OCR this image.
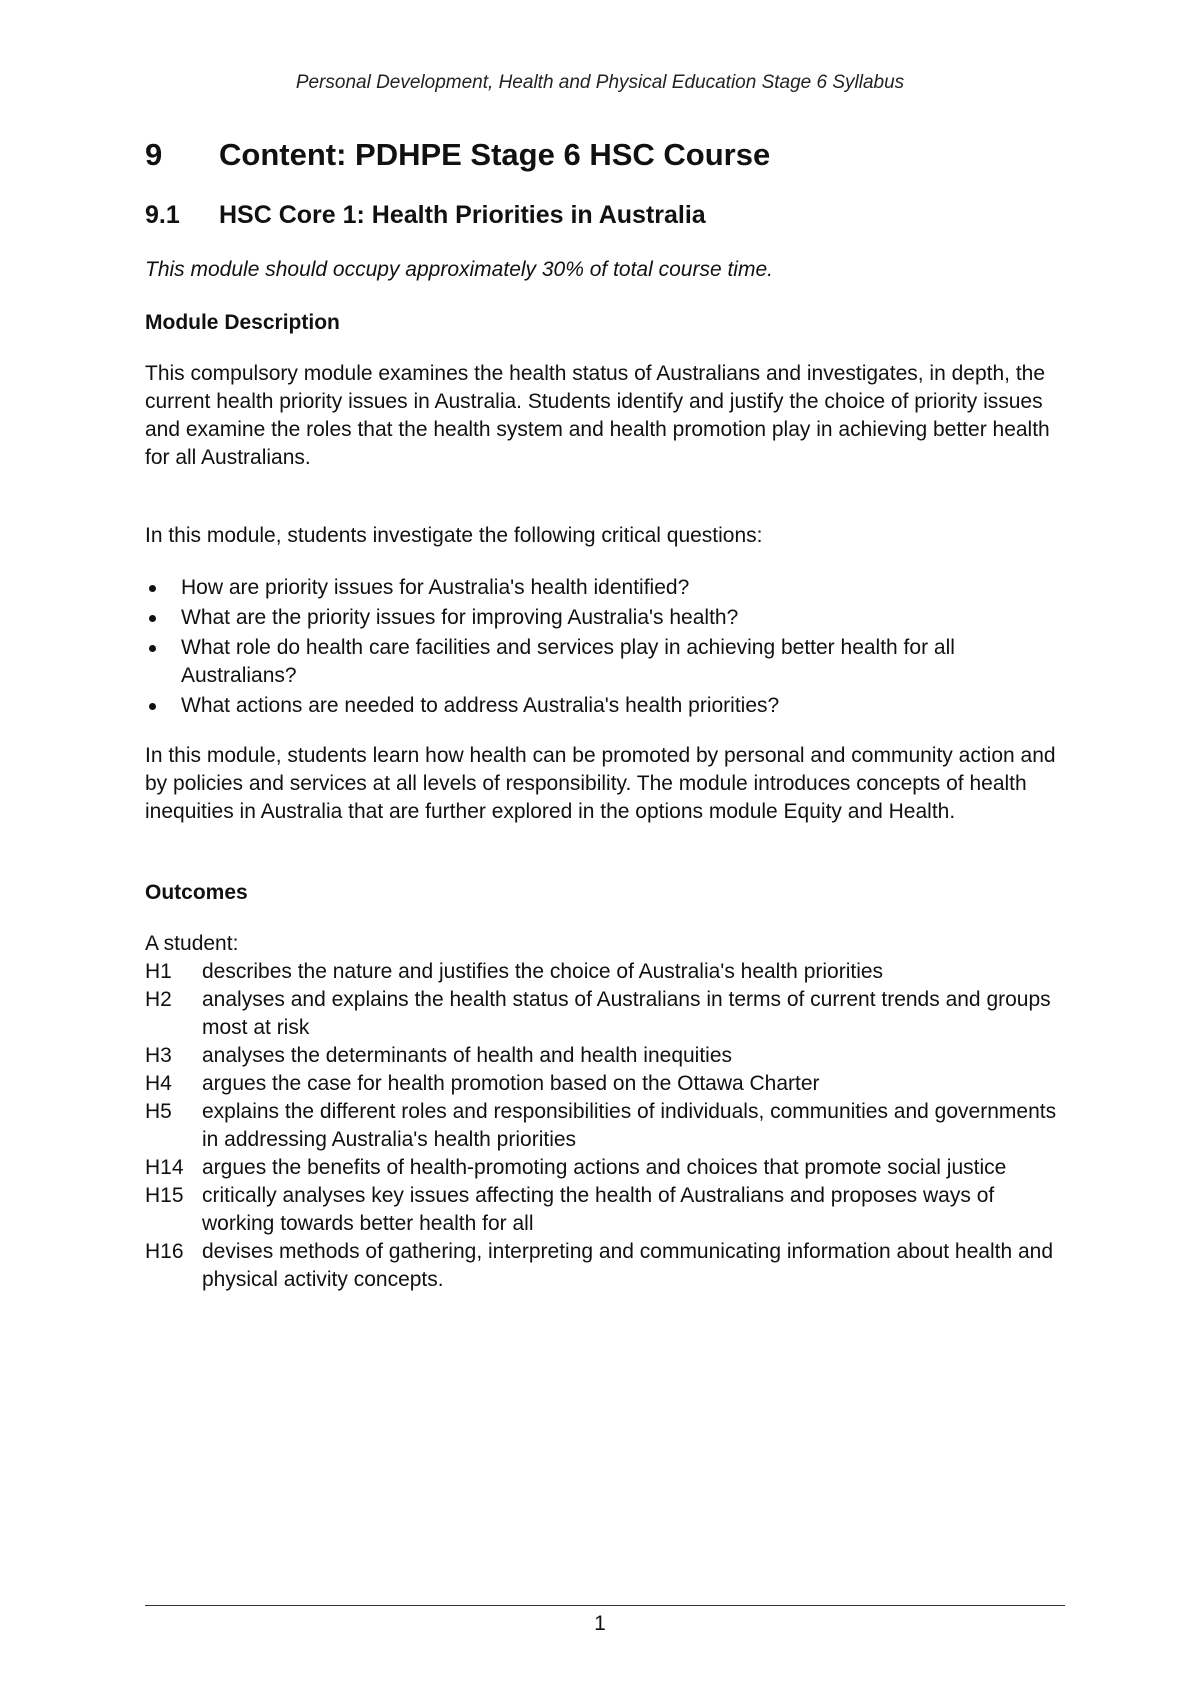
Personal Development, Health and Physical Education Stage 6 Syllabus
9	Content: PDHPE Stage 6 HSC Course
9.1	HSC Core 1: Health Priorities in Australia

This module should occupy approximately 30% of total course time.

Module Description

This compulsory module examines the health status of Australians and investigates, in depth, the current health priority issues in Australia. Students identify and justify the choice of priority issues and examine the roles that the health system and health promotion play in achieving better health for all Australians.

In this module, students investigate the following critical questions:

How are priority issues for Australia's health identified?
What are the priority issues for improving Australia's health?
What role do health care facilities and services play in achieving better health for all Australians?
What actions are needed to address Australia's health priorities?

In this module, students learn how health can be promoted by personal and community action and by policies and services at all levels of responsibility. The module introduces concepts of health inequities in Australia that are further explored in the options module Equity and Health.

Outcomes

A student:

H1	describes the nature and justifies the choice of Australia's health priorities
H2	analyses and explains the health status of Australians in terms of current trends and groups most at risk
H3	analyses the determinants of health and health inequities
H4	argues the case for health promotion based on the Ottawa Charter
H5	explains the different roles and responsibilities of individuals, communities and governments in addressing Australia's health priorities
H14 argues the benefits of health-promoting actions and choices that promote social justice
H15 critically analyses key issues affecting the health of Australians and proposes ways of working towards better health for all
H16 devises methods of gathering, interpreting and communicating information about health and physical activity concepts.
1
